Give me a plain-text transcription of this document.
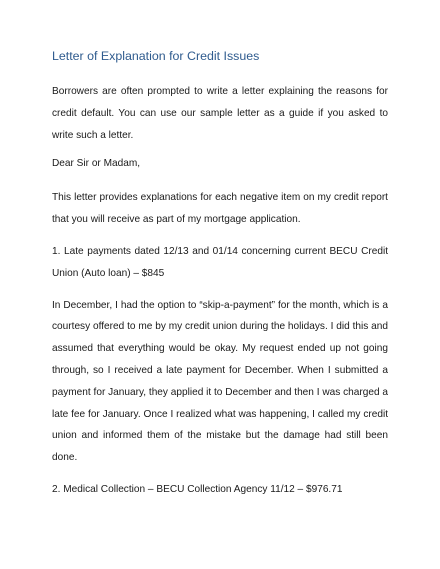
Letter of Explanation for Credit Issues

Borrowers are often prompted to write a letter explaining the reasons for credit default. You can use our sample letter as a guide if you asked to write such a letter.

Dear Sir or Madam,

This letter provides explanations for each negative item on my credit report that you will receive as part of my mortgage application.

1. Late payments dated 12/13 and 01/14 concerning current BECU Credit Union (Auto loan) – $845

In December, I had the option to “skip-a-payment” for the month, which is a courtesy offered to me by my credit union during the holidays. I did this and assumed that everything would be okay. My request ended up not going through, so I received a late payment for December. When I submitted a payment for January, they applied it to December and then I was charged a late fee for January. Once I realized what was happening, I called my credit union and informed them of the mistake but the damage had still been done.

2. Medical Collection – BECU Collection Agency 11/12 – $976.71
